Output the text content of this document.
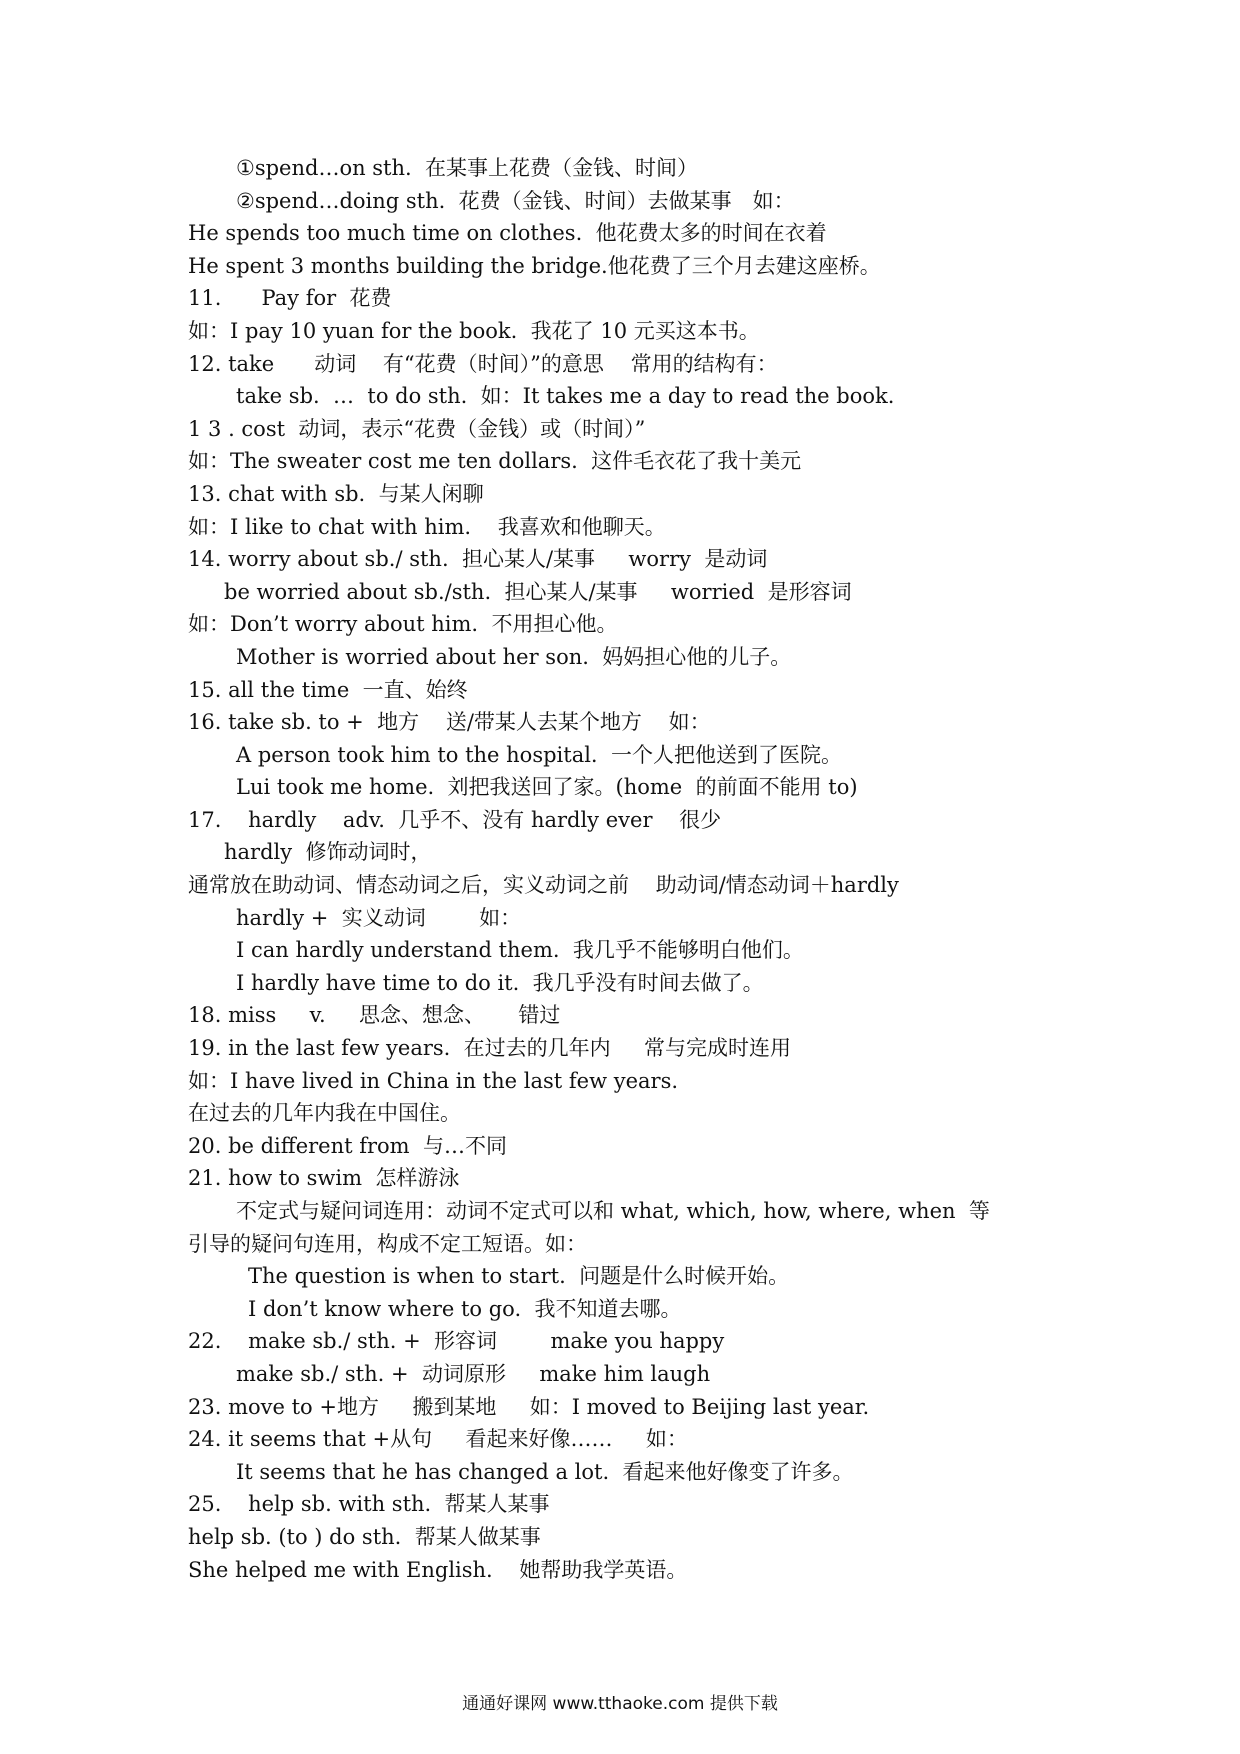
①spend…on sth.  在某事上花费（金钱、时间）
②spend…doing sth.  花费（金钱、时间）去做某事　如：
He spends too much time on clothes.  他花费太多的时间在衣着
He spent 3 months building the bridge.他花费了三个月去建这座桥。
11.      Pay for  花费
如：I pay 10 yuan for the book.  我花了 10 元买这本书。
12. take      动词    有“花费（时间）”的意思    常用的结构有：
take sb.  …  to do sth.  如：It takes me a day to read the book.
1 3 . cost  动词，表示“花费（金钱）或（时间）”
如：The sweater cost me ten dollars.  这件毛衣花了我十美元
13. chat with sb.  与某人闲聊
如：I like to chat with him.    我喜欢和他聊天。
14. worry about sb./ sth.  担心某人/某事     worry  是动词
be worried about sb./sth.  担心某人/某事     worried  是形容词
如：Don’t worry about him.  不用担心他。
Mother is worried about her son.  妈妈担心他的儿子。
15. all the time  一直、始终
16. take sb. to +  地方    送/带某人去某个地方    如：
A person took him to the hospital.  一个人把他送到了医院。
Lui took me home.  刘把我送回了家。(home  的前面不能用 to)
17.    hardly    adv.  几乎不、没有 hardly ever    很少
hardly  修饰动词时，
通常放在助动词、情态动词之后，实义动词之前    助动词/情态动词＋hardly
hardly +  实义动词        如：
I can hardly understand them.  我几乎不能够明白他们。
I hardly have time to do it.  我几乎没有时间去做了。
18. miss     v.     思念、想念、     错过
19. in the last few years.  在过去的几年内     常与完成时连用
如：I have lived in China in the last few years.
在过去的几年内我在中国住。
20. be different from  与…不同
21. how to swim  怎样游泳
不定式与疑问词连用：动词不定式可以和 what, which, how, where, when  等
引导的疑问句连用，构成不定工短语。如：
The question is when to start.  问题是什么时候开始。
I don’t know where to go.  我不知道去哪。
22.    make sb./ sth. +  形容词        make you happy
make sb./ sth. +  动词原形     make him laugh
23. move to +地方     搬到某地     如：I moved to Beijing last year.
24. it seems that +从句     看起来好像……     如：
It seems that he has changed a lot.  看起来他好像变了许多。
25.    help sb. with sth.  帮某人某事
help sb. (to ) do sth.  帮某人做某事
She helped me with English.    她帮助我学英语。
通通好课网 www.tthaoke.com 提供下载
